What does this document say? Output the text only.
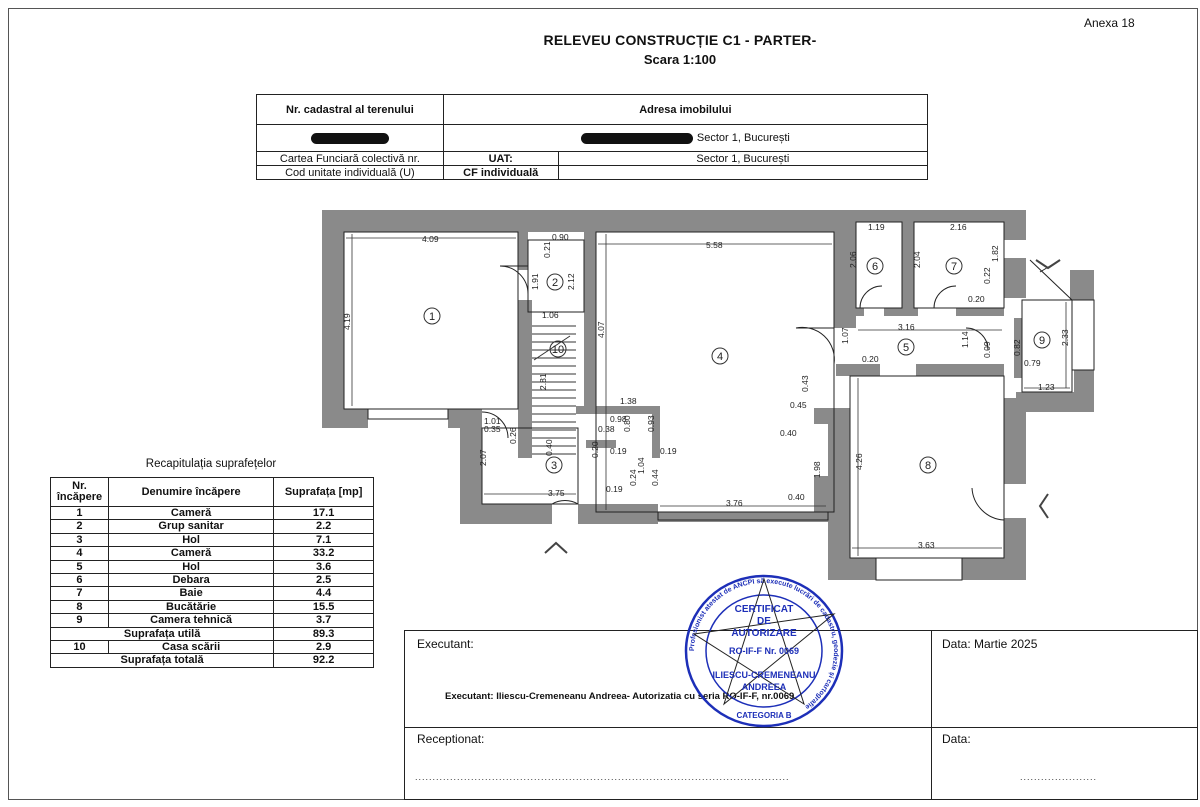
Anexa 18
RELEVEU CONSTRUCȚIE C1 - PARTER-
Scara 1:100
Nr. cadastral al terenului	Adresa imobilului	
	Sector 1, București	
Cartea Funciară colectivă nr.	UAT:	Sector 1, București
Cod unitate individuală (U)	CF individuală	
1
2
3
4
5
6	7
8
9
10
4.09	0.90
5.58
1.19	2.16
4.19
0.21
1.91	2.12
1.06
4.07
2.06	2.04	1.82
0.22
0.20
3.16
1.07	1.14
0.09 0.82
0.79
2.33
1.23
0.20
2.81
1.38
0.43
0.45
1.01
0.35
0.98
0.38 0.80 0.93
0.19	0.19
0.26
0.40	0.20
0.40
2.07	1.04
0.24 0.44	1.98	4.26
0.19
3.75
3.76
0.40
3.63
Recapitulația suprafețelor
Nr. încăpere	Denumire încăpere	Suprafața [mp]
1	Cameră	17.1
2	Grup sanitar	2.2
3	Hol	7.1
4	Cameră	33.2
5	Hol	3.6
6	Debara	2.5
7	Baie	4.4
8	Bucătărie	15.5
9	Camera tehnică	3.7
Suprafața utilă		89.3
10	Casa scării	2.9
Suprafața totală		92.2
Executant:
Executant: Iliescu-Cremeneanu Andreea- Autorizatia cu seria RO-IF-F, nr.0069
Data: Martie 2025
Receptionat:
...........................................................................................................
Data:
......................
Profesionist atestat de ANCPI să execute lucrări de cadastru, geodezie și cartografie
CERTIFICAT
DE
AUTORIZARE
RO-IF-F Nr. 0069
ILIESCU-CREMENEANU
ANDREEA
CATEGORIA B
